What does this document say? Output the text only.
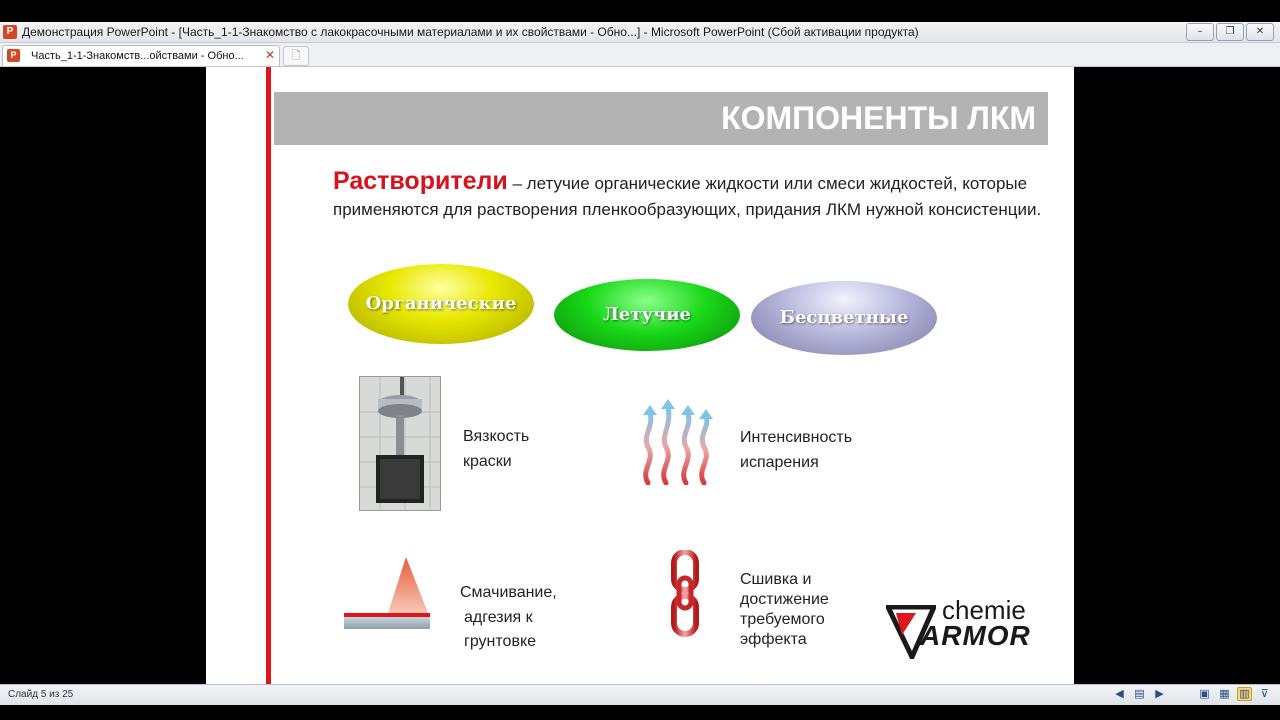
P Демонстрация PowerPoint - [Часть_1-1-Знакомство с лакокрасочными материалами и их свойствами - Обно...] - Microsoft PowerPoint (Сбой активации продукта)	–	❐	✕
P	Часть_1-1-Знакомств...ойствами - Обно... ✕	🗋
КОМПОНЕНТЫ ЛКМ
Растворители – летучие органические жидкости или смеси жидкостей, которые применяются для растворения пленкообразующих, придания ЛКМ нужной консистенции.
Органические
Летучие	Бесцветные
Вязкость
краски
Интенсивность
испарения
Смачивание,
адгезия к
грунтовке
Сшивка и
достижение
требуемого
эффекта
chemie
ARMOR
Слайд 5 из 25	◀ ▤ ▶	▣ ▦ ▥ ⊽
